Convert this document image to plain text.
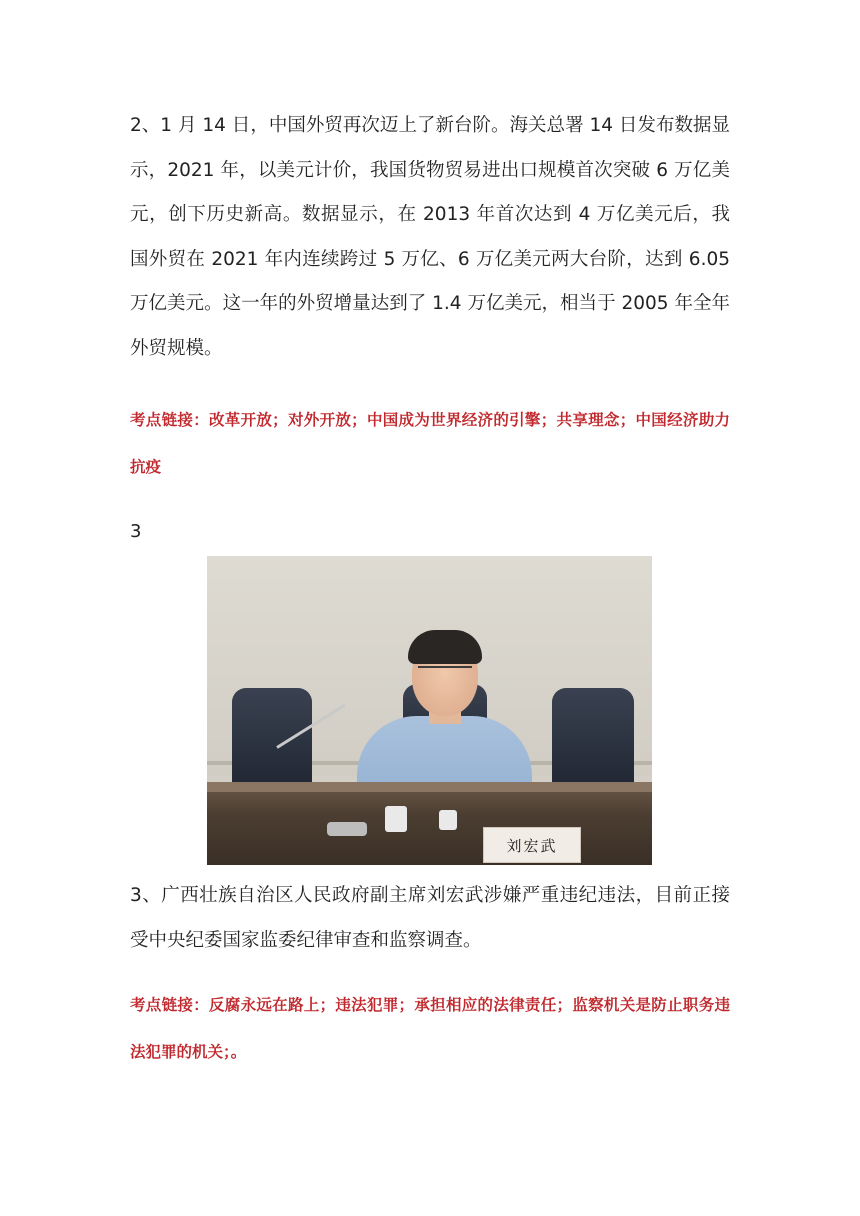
2、1 月 14 日，中国外贸再次迈上了新台阶。海关总署 14 日发布数据显示，2021 年，以美元计价，我国货物贸易进出口规模首次突破 6 万亿美元，创下历史新高。数据显示，在 2013 年首次达到 4 万亿美元后，我国外贸在 2021 年内连续跨过 5 万亿、6 万亿美元两大台阶，达到 6.05 万亿美元。这一年的外贸增量达到了 1.4 万亿美元，相当于 2005 年全年外贸规模。

考点链接：改革开放；对外开放；中国成为世界经济的引擎；共享理念；中国经济助力抗疫

3
刘宏武

3、广西壮族自治区人民政府副主席刘宏武涉嫌严重违纪违法，目前正接受中央纪委国家监委纪律审查和监察调查。

考点链接：反腐永远在路上；违法犯罪；承担相应的法律责任；监察机关是防止职务违法犯罪的机关；。
